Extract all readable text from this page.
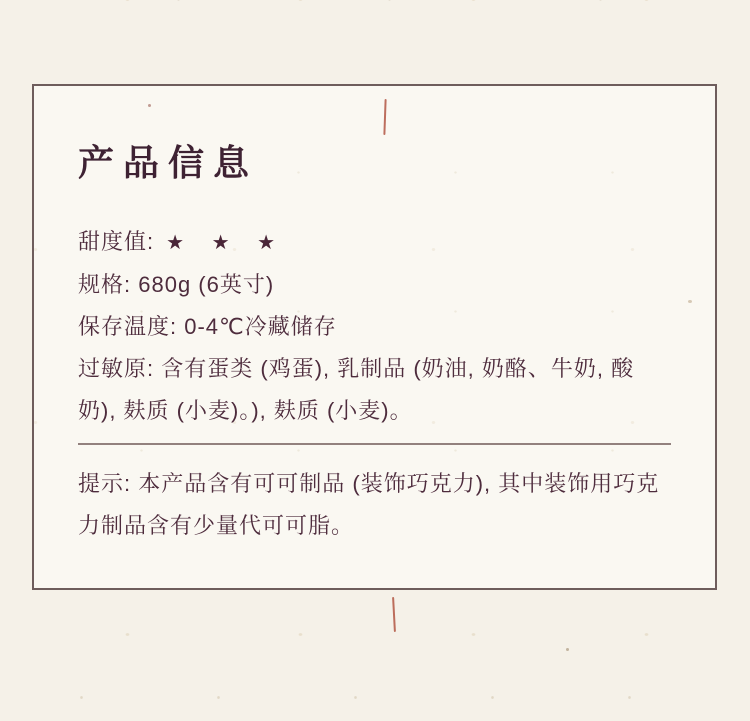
产品信息

甜度值: ★ ★ ★

规格: 680g (6英寸)

保存温度: 0-4℃冷藏储存

过敏原: 含有蛋类 (鸡蛋), 乳制品 (奶油, 奶酪、牛奶, 酸奶), 麸质 (小麦)。), 麸质 (小麦)。

提示: 本产品含有可可制品 (装饰巧克力), 其中装饰用巧克力制品含有少量代可可脂。
